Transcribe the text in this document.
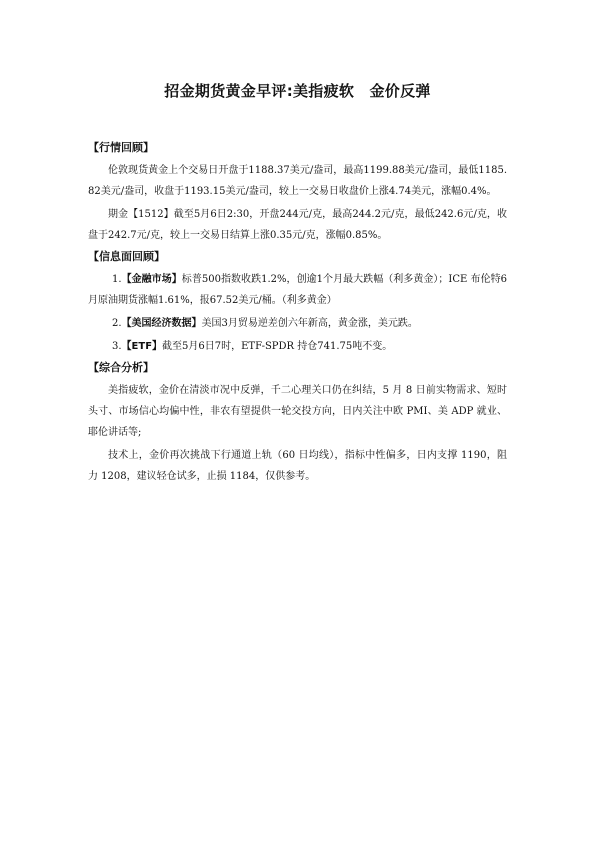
招金期货黄金早评:美指疲软　金价反弹
【行情回顾】

伦敦现货黄金上个交易日开盘于1188.37美元/盎司，最高1199.88美元/盎司，最低1185.82美元/盎司，收盘于1193.15美元/盎司，较上一交易日收盘价上涨4.74美元，涨幅0.4%。

期金【1512】截至5月6日2:30，开盘244元/克，最高244.2元/克，最低242.6元/克，收盘于242.7元/克，较上一交易日结算上涨0.35元/克，涨幅0.85%。

【信息面回顾】

1.【金融市场】标普500指数收跌1.2%，创逾1个月最大跌幅（利多黄金）；ICE 布伦特6月原油期货涨幅1.61%，报67.52美元/桶。（利多黄金）

2.【美国经济数据】美国3月贸易逆差创六年新高，黄金涨，美元跌。

3.【ETF】截至5月6日7时，ETF-SPDR 持仓741.75吨不变。

【综合分析】

美指疲软，金价在清淡市况中反弹，千二心理关口仍在纠结，5 月 8 日前实物需求、短时头寸、市场信心均偏中性，非农有望提供一轮交投方向，日内关注中欧 PMI、美 ADP 就业、耶伦讲话等;

技术上，金价再次挑战下行通道上轨（60 日均线），指标中性偏多，日内支撑 1190，阻力 1208，建议轻仓试多，止损 1184，仅供参考。
